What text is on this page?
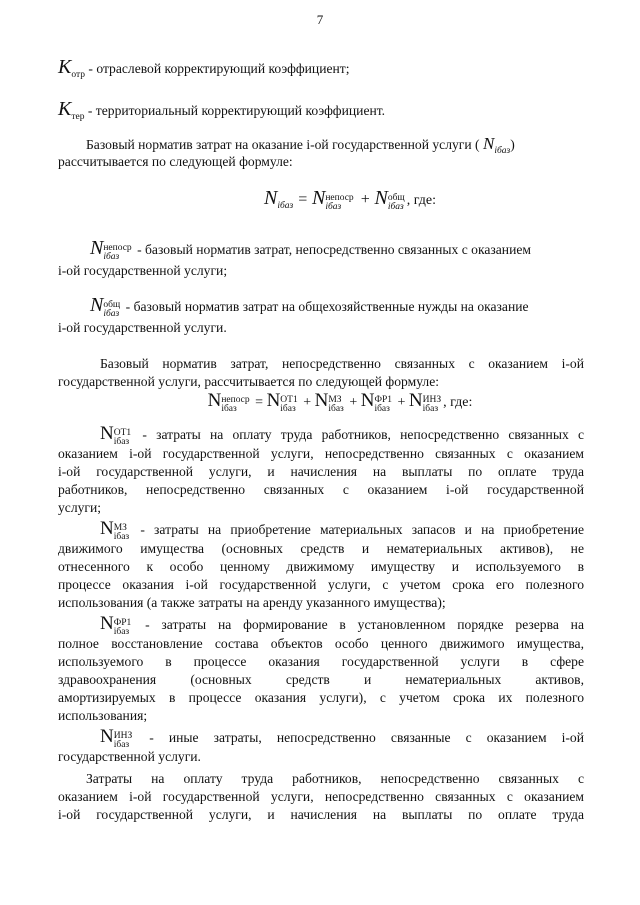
7
$K_{отр}$ - отраслевой корректирующий коэффициент;
$K_{тер}$ - территориальный корректирующий коэффициент.
Базовый норматив затрат на оказание i-ой государственной услуги ( $N_{iбаз}$)
рассчитывается по следующей формуле:
$N_{iбаз} = N$ непоср
iбаз + N общ
iбаз , где:
N непоср
iбаз	- базовый норматив затрат, непосредственно связанных с оказанием
i-ой государственной услуги;
N общ
iбаз - базовый норматив затрат на общехозяйственные нужды на оказание
i-ой государственной услуги.
Базовый норматив затрат, непосредственно связанных с оказанием i-ой
государственной услуги, рассчитывается по следующей формуле:
N непоср
iбаз	= N OT1
iбаз + N МЗ
iбаз + N ФР1
iбаз + N ИНЗ
iбаз , где:
N OT1
iбаз - затраты на оплату труда работников, непосредственно связанных с
оказанием i-ой государственной услуги, непосредственно связанных с оказанием
i-ой государственной услуги, и начисления на выплаты по оплате труда
работников, непосредственно связанных с оказанием i-ой государственной
услуги;
N МЗ
iбаз - затраты на приобретение материальных запасов и на приобретение
движимого имущества (основных средств и нематериальных активов), не
отнесенного к особо ценному движимому имуществу и используемого в
процессе оказания i-ой государственной услуги, с учетом срока его полезного
использования (а также затраты на аренду указанного имущества);
N ФР1
iбаз - затраты на формирование в установленном порядке резерва на
полное восстановление состава объектов особо ценного движимого имущества,
используемого в процессе оказания государственной услуги в сфере
здравоохранения (основных средств и нематериальных активов,
амортизируемых в процессе оказания услуги), с учетом срока их полезного
использования;
N ИНЗ
iбаз - иные затраты, непосредственно связанные с оказанием i-ой
государственной услуги.
Затраты на оплату труда работников, непосредственно связанных с
оказанием i-ой государственной услуги, непосредственно связанных с оказанием
i-ой государственной услуги, и начисления на выплаты по оплате труда
